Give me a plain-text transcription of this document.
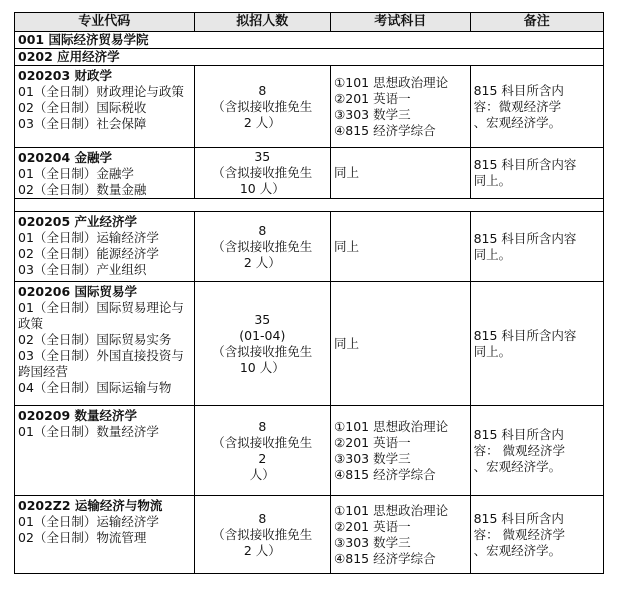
专业代码	拟招人数	考试科目	备注
001 国际经济贸易学院			
0202 应用经济学			

020203 财政学
01（全日制）财政理论与政策
02（全日制）国际税收
03（全日制）社会保障	8
（含拟接收推免生
2 人）	①101 思想政治理论
②201 英语一
③303 数学三
④815 经济学综合	815 科目所含内
容：微观经济学
、宏观经济学。

020204 金融学
01（全日制）金融学
02（全日制）数量金融	35
（含拟接收推免生
10 人）	同上	815 科目所含内容
同上。

020205 产业经济学
01（全日制）运输经济学
02（全日制）能源经济学
03（全日制）产业组织	8
（含拟接收推免生
2 人）	同上	815 科目所含内容
同上。

020206 国际贸易学
01（全日制）国际贸易理论与政策
02（全日制）国际贸易实务
03（全日制）外国直接投资与跨国经营
04（全日制）国际运输与物	35
(01-04)
（含拟接收推免生
10 人）	同上	815 科目所含内容
同上。

020209 数量经济学
01（全日制）数量经济学	8
（含拟接收推免生
2
人）	①101 思想政治理论
②201 英语一
③303 数学三
④815 经济学综合	815 科目所含内
容： 微观经济学
、宏观经济学。

0202Z2 运输经济与物流
01（全日制）运输经济学
02（全日制）物流管理	8
（含拟接收推免生
2 人）	①101 思想政治理论
②201 英语一
③303 数学三
④815 经济学综合	815 科目所含内
容： 微观经济学
、宏观经济学。
